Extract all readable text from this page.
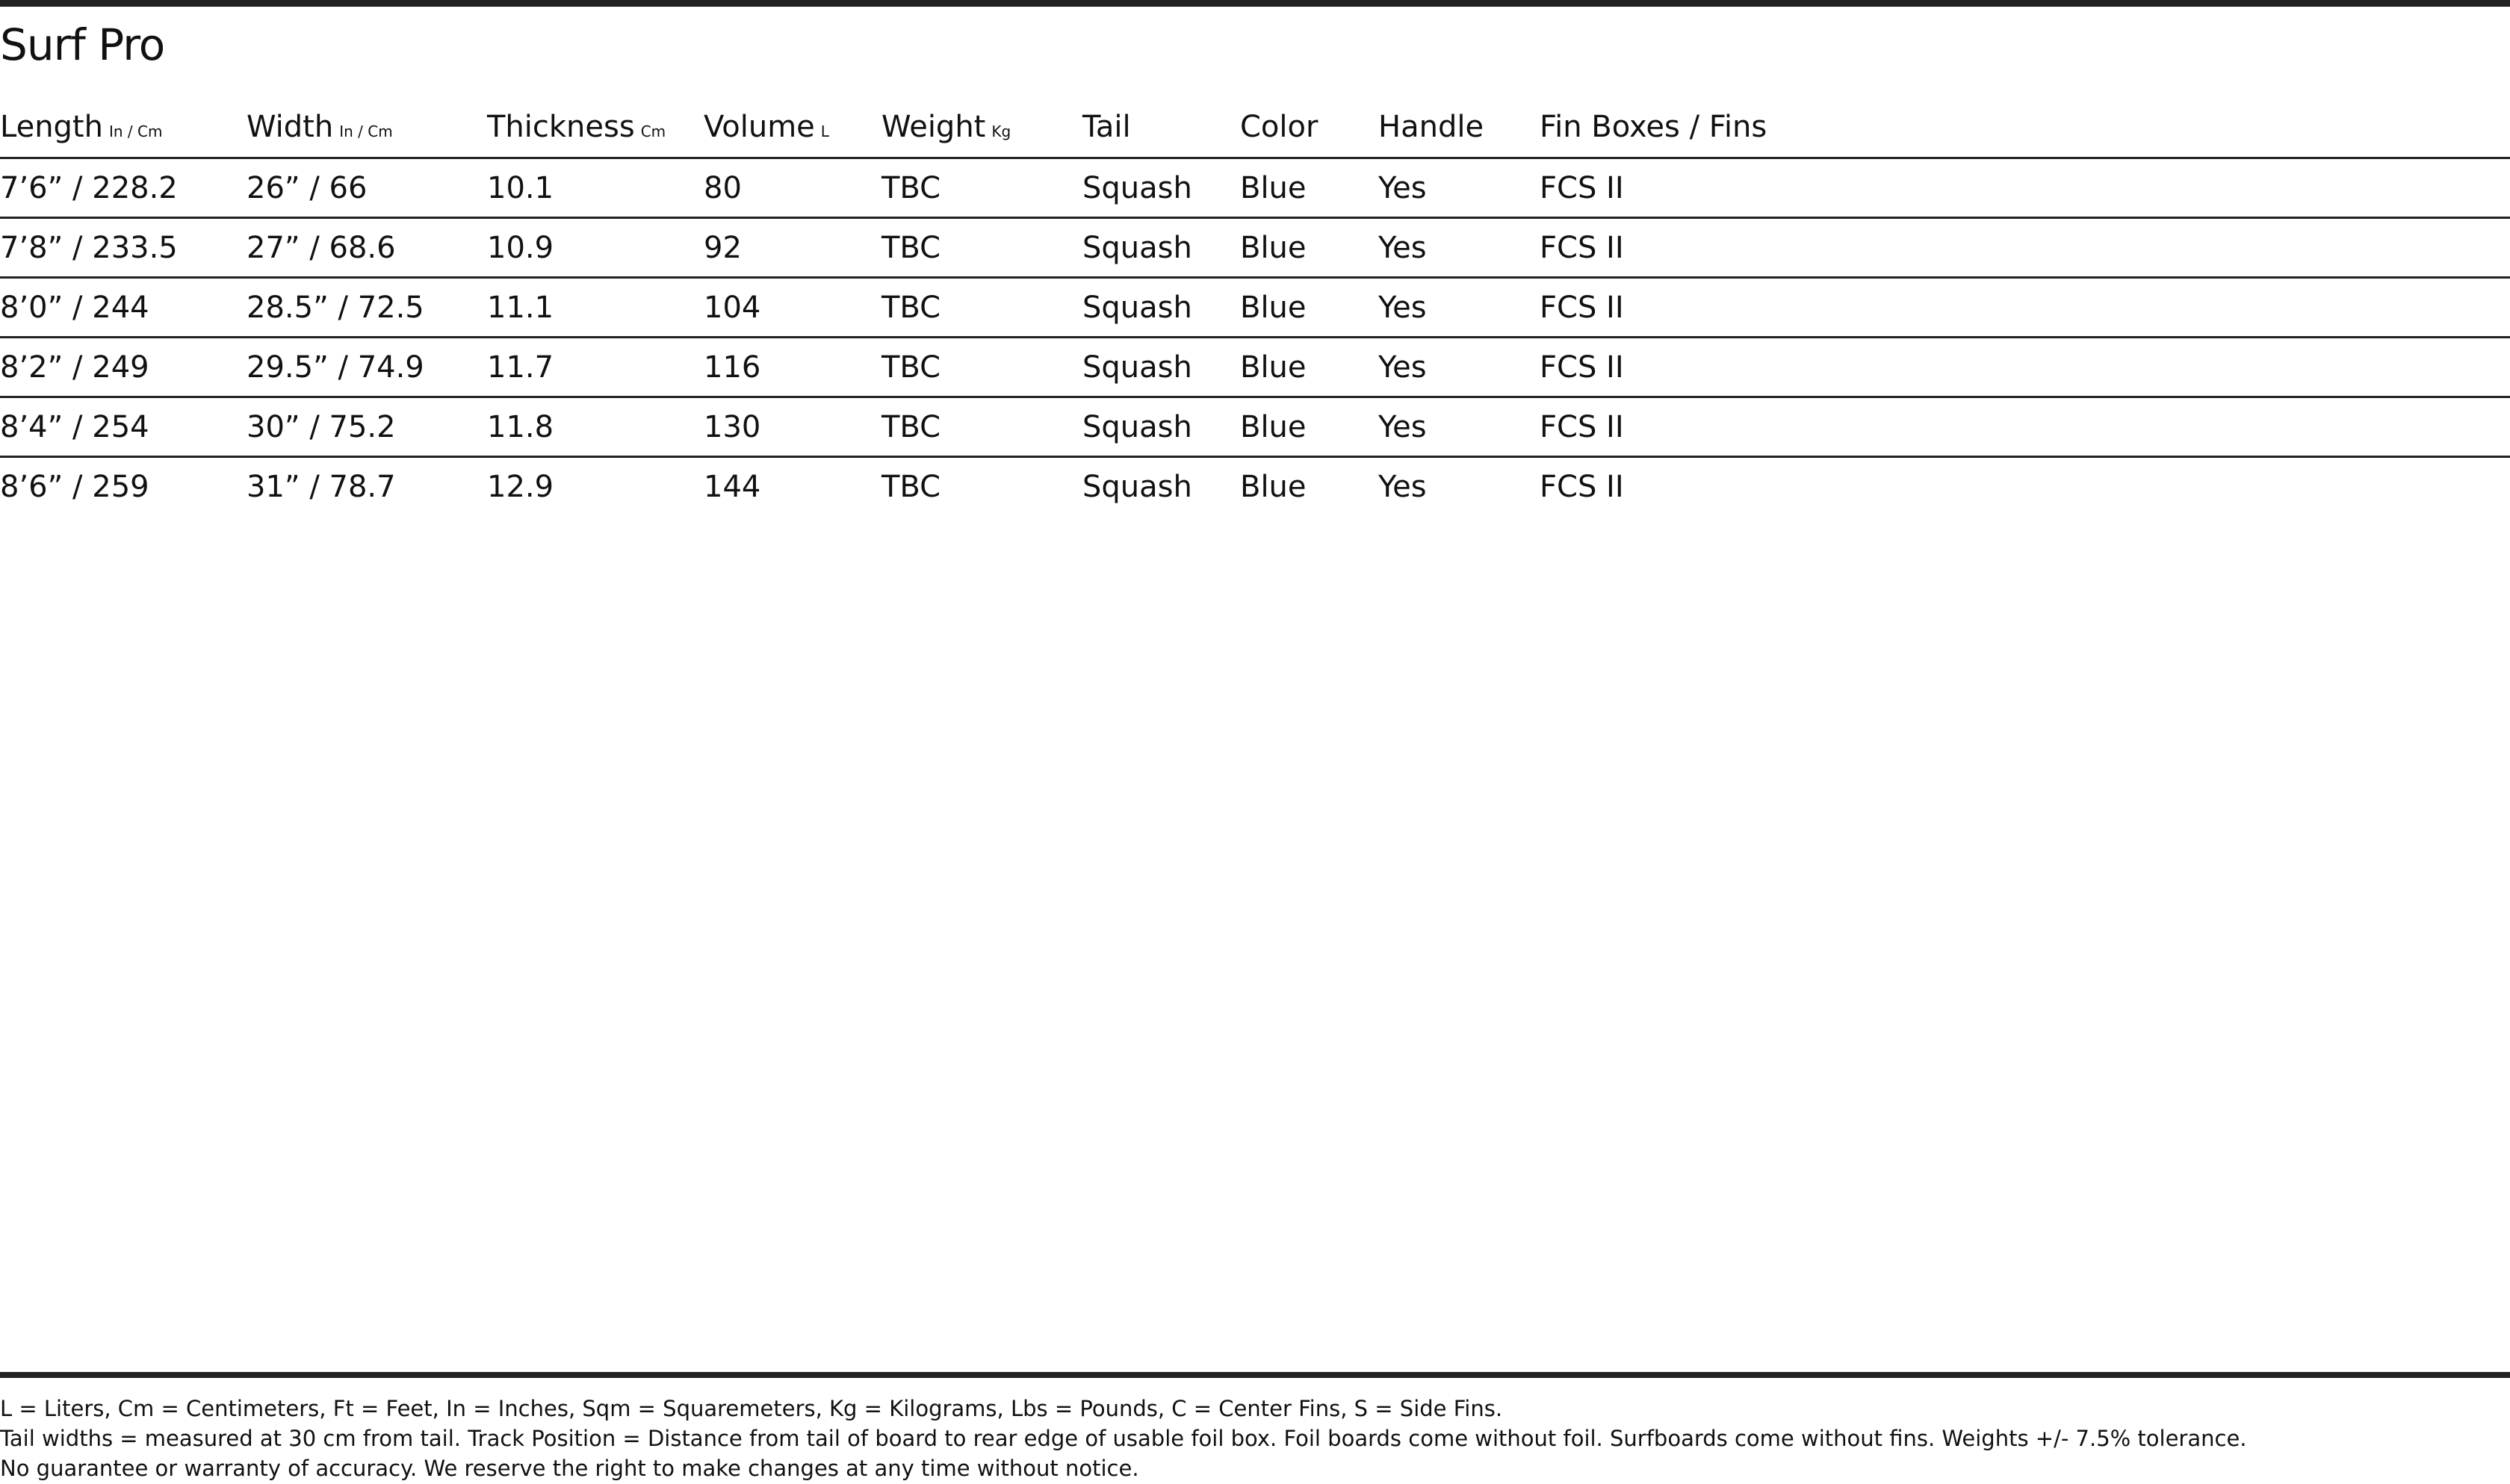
Surf Pro
Length In / Cm	Width In / Cm	Thickness Cm	Volume L	Weight Kg	Tail	Color	Handle	Fin Boxes / Fins
7’6” / 228.2	26” / 66	10.1	80	TBC	Squash	Blue	Yes	FCS II
7’8” / 233.5	27” / 68.6	10.9	92	TBC	Squash	Blue	Yes	FCS II
8’0” / 244	28.5” / 72.5	11.1	104	TBC	Squash	Blue	Yes	FCS II
8’2” / 249	29.5” / 74.9	11.7	116	TBC	Squash	Blue	Yes	FCS II
8’4” / 254	30” / 75.2	11.8	130	TBC	Squash	Blue	Yes	FCS II
8’6” / 259	31” / 78.7	12.9	144	TBC	Squash	Blue	Yes	FCS II
L = Liters, Cm = Centimeters, Ft = Feet, In = Inches, Sqm = Squaremeters, Kg = Kilograms, Lbs = Pounds, C = Center Fins, S = Side Fins.
Tail widths = measured at 30 cm from tail. Track Position = Distance from tail of board to rear edge of usable foil box. Foil boards come without foil. Surfboards come without fins. Weights +/- 7.5% tolerance.
No guarantee or warranty of accuracy. We reserve the right to make changes at any time without notice.
